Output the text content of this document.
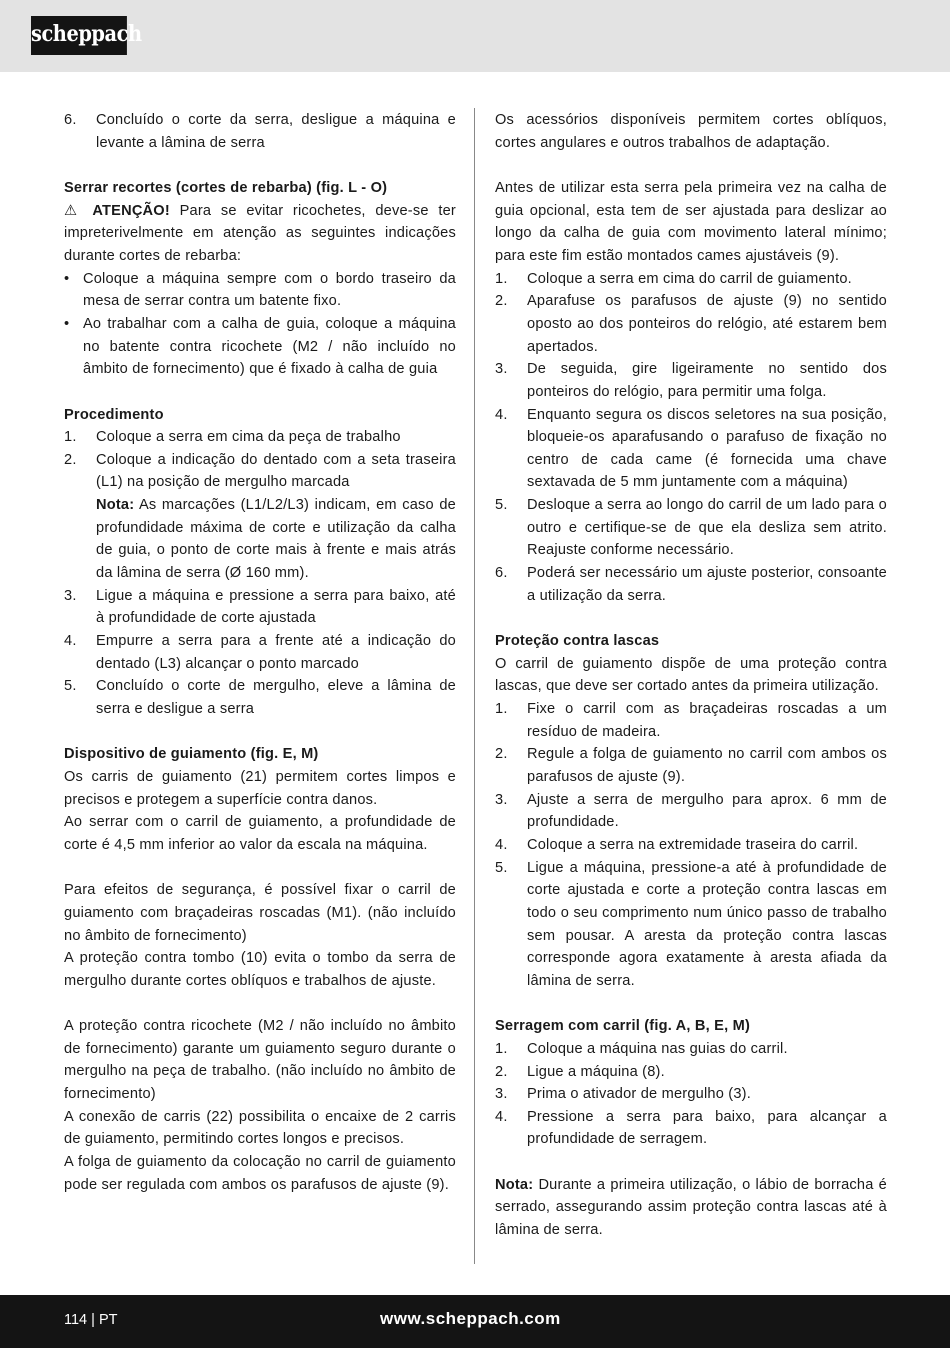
scheppach
6.	Concluído o corte da serra, desligue a máquina e levante a lâmina de serra

Serrar recortes (cortes de rebarba) (fig. L - O)

⚠ ATENÇÃO! Para se evitar ricochetes, deve-se ter impreterivelmente em atenção as seguintes indicações durante cortes de rebarba:

• Coloque a máquina sempre com o bordo traseiro da mesa de serrar contra um batente fixo.
• Ao trabalhar com a calha de guia, coloque a máquina no batente contra ricochete (M2 / não incluído no âmbito de fornecimento) que é fixado à calha de guia

Procedimento

1.	Coloque a serra em cima da peça de trabalho
2.	Coloque a indicação do dentado com a seta traseira (L1) na posição de mergulho marcada
Nota: As marcações (L1/L2/L3) indicam, em caso de profundidade máxima de corte e utilização da calha de guia, o ponto de corte mais à frente e mais atrás da lâmina de serra (Ø 160 mm).
3.	Ligue a máquina e pressione a serra para baixo, até à profundidade de corte ajustada
4.	Empurre a serra para a frente até a indicação do dentado (L3) alcançar o ponto marcado
5.	Concluído o corte de mergulho, eleve a lâmina de serra e desligue a serra

Dispositivo de guiamento (fig. E, M)

Os carris de guiamento (21) permitem cortes limpos e precisos e protegem a superfície contra danos.

Ao serrar com o carril de guiamento, a profundidade de corte é 4,5 mm inferior ao valor da escala na máquina.

Para efeitos de segurança, é possível fixar o carril de guiamento com braçadeiras roscadas (M1). (não incluído no âmbito de fornecimento)

A proteção contra tombo (10) evita o tombo da serra de mergulho durante cortes oblíquos e trabalhos de ajuste.

A proteção contra ricochete (M2 / não incluído no âmbito de fornecimento) garante um guiamento seguro durante o mergulho na peça de trabalho. (não incluído no âmbito de fornecimento)

A conexão de carris (22) possibilita o encaixe de 2 carris de guiamento, permitindo cortes longos e precisos.

A folga de guiamento da colocação no carril de guiamento pode ser regulada com ambos os parafusos de ajuste (9).

Os acessórios disponíveis permitem cortes oblíquos, cortes angulares e outros trabalhos de adaptação.

Antes de utilizar esta serra pela primeira vez na calha de guia opcional, esta tem de ser ajustada para deslizar ao longo da calha de guia com movimento lateral mínimo; para este fim estão montados cames ajustáveis (9).

1.	Coloque a serra em cima do carril de guiamento.
2.	Aparafuse os parafusos de ajuste (9) no sentido oposto ao dos ponteiros do relógio, até estarem bem apertados.
3.	De seguida, gire ligeiramente no sentido dos ponteiros do relógio, para permitir uma folga.
4.	Enquanto segura os discos seletores na sua posição, bloqueie-os aparafusando o parafuso de fixação no centro de cada came (é fornecida uma chave sextavada de 5 mm juntamente com a máquina)
5.	Desloque a serra ao longo do carril de um lado para o outro e certifique-se de que ela desliza sem atrito. Reajuste conforme necessário.
6.	Poderá ser necessário um ajuste posterior, consoante a utilização da serra.

Proteção contra lascas

O carril de guiamento dispõe de uma proteção contra lascas, que deve ser cortado antes da primeira utilização.

1.	Fixe o carril com as braçadeiras roscadas a um resíduo de madeira.
2.	Regule a folga de guiamento no carril com ambos os parafusos de ajuste (9).
3.	Ajuste a serra de mergulho para aprox. 6 mm de profundidade.
4.	Coloque a serra na extremidade traseira do carril.
5.	Ligue a máquina, pressione-a até à profundidade de corte ajustada e corte a proteção contra lascas em todo o seu comprimento num único passo de trabalho sem pousar. A aresta da proteção contra lascas corresponde agora exatamente à aresta afiada da lâmina de serra.

Serragem com carril (fig. A, B, E, M)

1.	Coloque a máquina nas guias do carril.
2.	Ligue a máquina (8).
3.	Prima o ativador de mergulho (3).
4.	Pressione a serra para baixo, para alcançar a profundidade de serragem.

Nota: Durante a primeira utilização, o lábio de borracha é serrado, assegurando assim proteção contra lascas até à lâmina de serra.

114 | PT	www.scheppach.com
